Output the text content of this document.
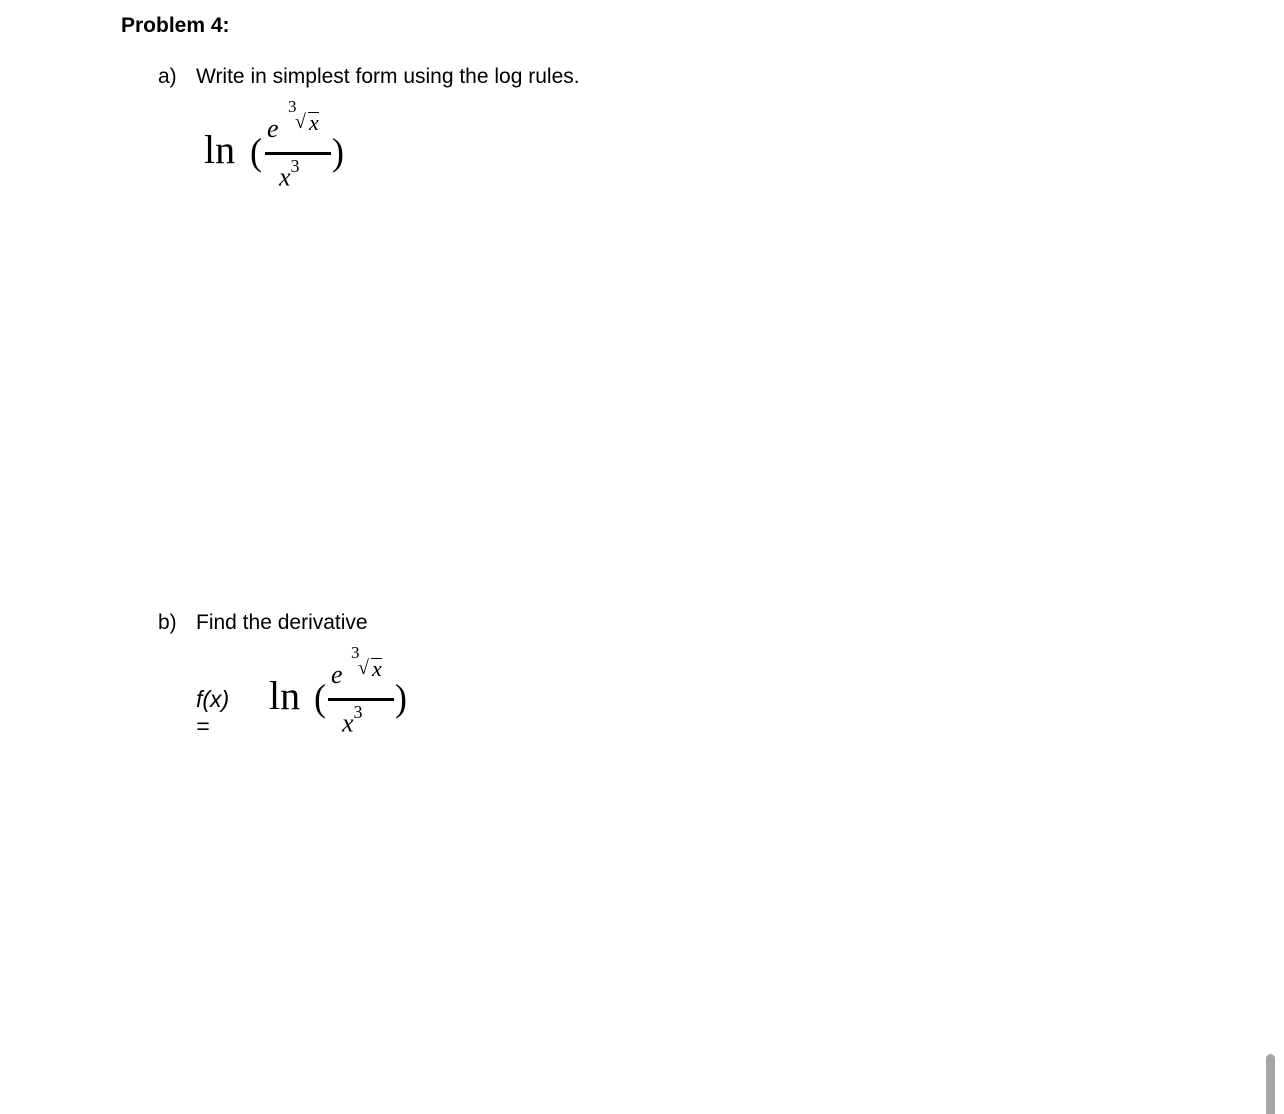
Problem 4:
a) Write in simplest form using the log rules.
ln (
e
3
√ x
$x^3$ )
b) Find the derivative
f(x) =
ln (
e
3
√ x
$x^3$ )
